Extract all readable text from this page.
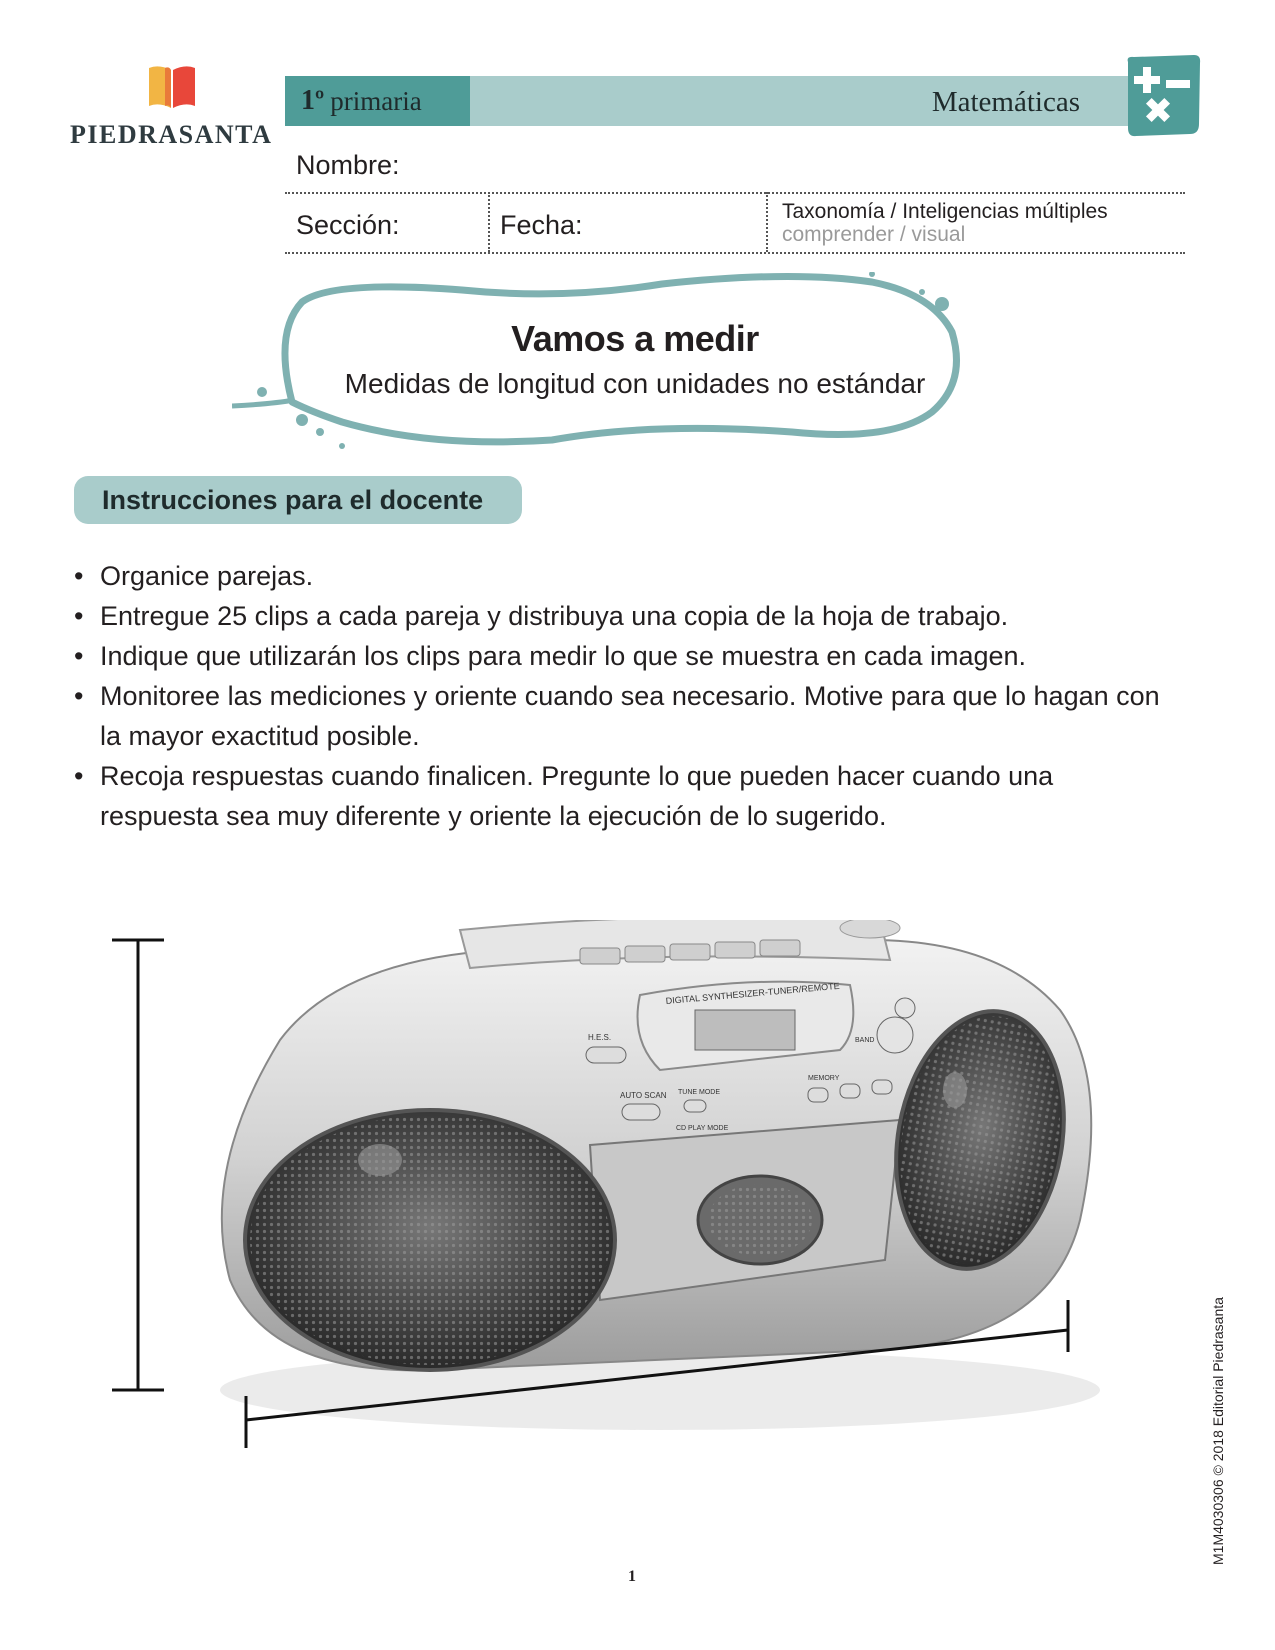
PIEDRASANTA
1º primaria	Matemáticas
Nombre:
Sección:	Fecha:	Taxonomía / Inteligencias múltiples
comprender / visual
Vamos a medir
Medidas de longitud con unidades no estándar
Instrucciones para el docente
• Organice parejas.
• Entregue 25 clips a cada pareja y distribuya una copia de la hoja de trabajo.
• Indique que utilizarán los clips para medir lo que se muestra en cada imagen.
• Monitoree las mediciones y oriente cuando sea necesario. Motive para que lo hagan con la mayor exactitud posible.
• Recoja respuestas cuando finalicen. Pregunte lo que pueden hacer cuando una respuesta sea muy diferente y oriente la ejecución de lo sugerido.
DIGITAL SYNTHESIZER-TUNER/REMOTE
H.E.S.
AUTO SCAN TUNE MODE
CD PLAY MODE
MEMORY
BAND
M1M4030306 © 2018 Editorial Piedrasanta
1
